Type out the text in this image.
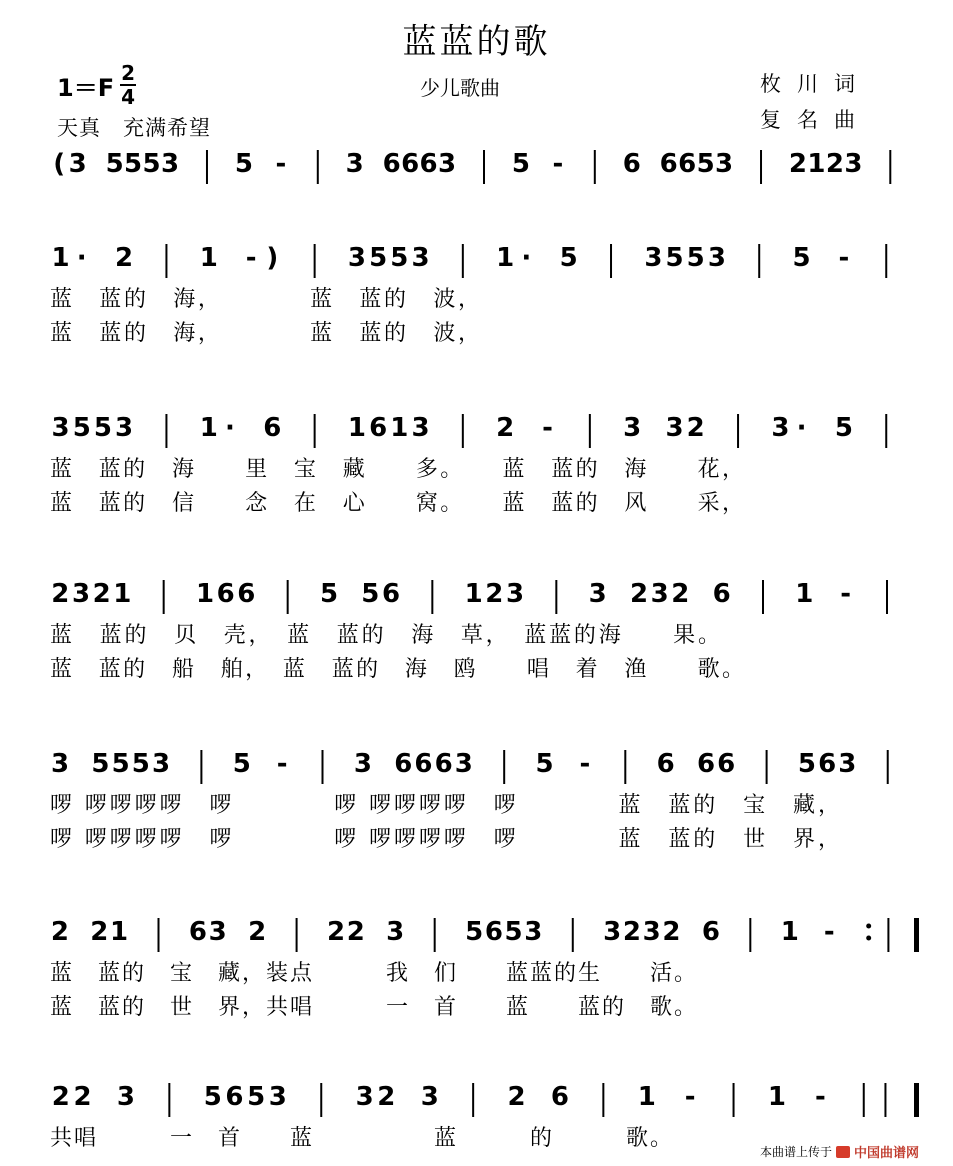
蓝蓝的歌
$1=F \frac{2}{4}$	少儿歌曲	枚川词
复名曲
天真　充满希望
( 3 5 5 5 3 5 - 3 6 6 6 3 5 - 6 6 6 5 3 2 1 2 3
1 · 2	1 - )	3 5 5 3	1 · 5	3 5 5 3	5 -
蓝　蓝的　海，　　　　蓝　蓝的　波，
蓝　蓝的　海，　　　　蓝　蓝的　波，
3 5 5 3	1 · 6	1 6 1 3	2 -	3 3 2	3 · 5
蓝　蓝的　海　　里　宝　藏　　多。　　蓝　蓝的　海　　花，
蓝　蓝的　信　　念　在　心　　窝。　　蓝　蓝的　风　　采，
2 3 2 1 1 6 6 5 5 6 1 2 3 3 2 3 2 6 1 -
蓝　蓝的　贝　壳，　蓝　蓝的　海　草，　蓝蓝的海　　果。
蓝　蓝的　船　舶，　蓝　蓝的　海　鸥　　唱　着　渔　　歌。
3 5 5 5 3 5 -	3 6 6 6 3 5 -	6 6 6 5 6 3
啰 啰啰啰啰　啰　　　　啰 啰啰啰啰　啰　　　　蓝　蓝的　宝　藏，
啰 啰啰啰啰　啰　　　　啰 啰啰啰啰　啰　　　　蓝　蓝的　世　界，
2 2 1 6 3 2 2 2 3 5 6 5 3 3 2 3 2 6 1 -
蓝　蓝的　宝　藏，装点　　　我　们　　蓝蓝的生　　活。
蓝　蓝的　世　界，共唱　　　一　首　　蓝　　蓝的　歌。
2 2 3	5 6 5 3	3 2 3	2 6	1 -	1 -
共唱　　　一　首　　蓝　　　　　蓝　　　的　　　歌。
本曲谱上传于 中国曲谱网
